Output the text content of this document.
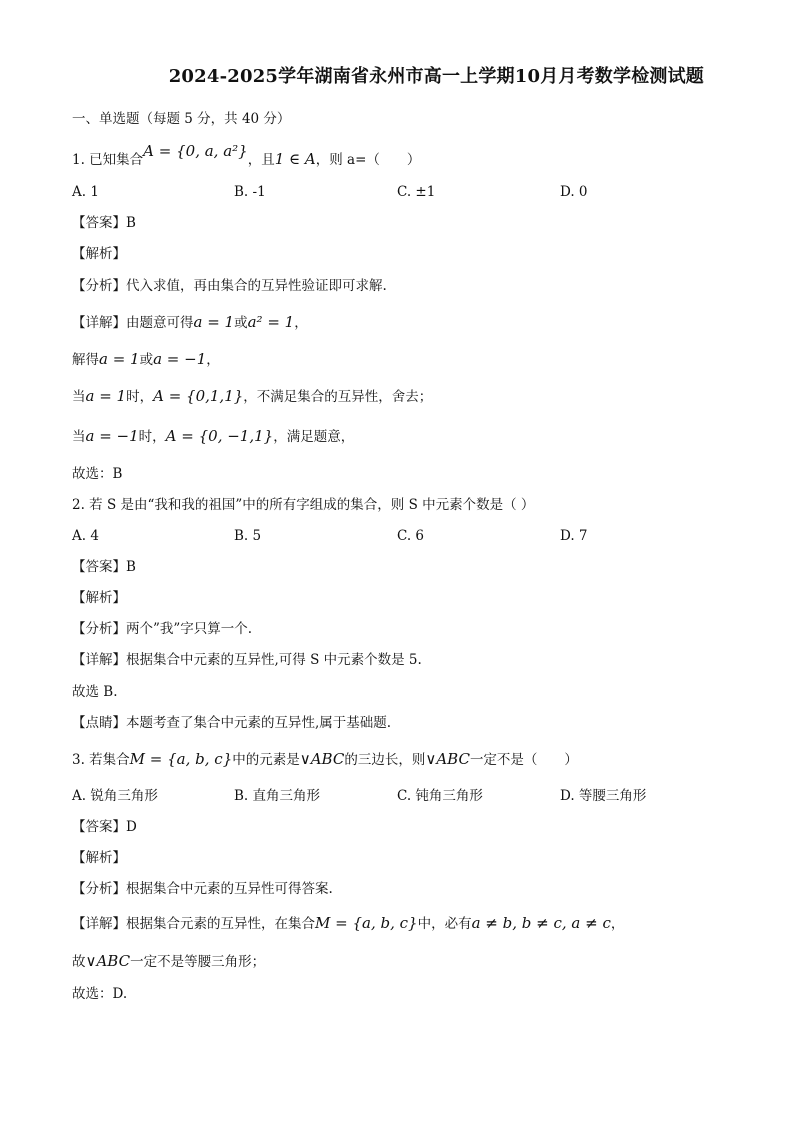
2024-2025学年湖南省永州市高一上学期10月月考数学检测试题
一、单选题（每题 5 分，共 40 分）
1. 已知集合A = {0, a, a²}，且1 ∈ A，则 a=（　　）
A. 1	B. -1	C. ±1	D. 0
【答案】B
【解析】
【分析】代入求值，再由集合的互异性验证即可求解.
【详解】由题意可得a = 1或a² = 1，
解得a = 1或a = −1，
当a = 1时，A = {0,1,1}，不满足集合的互异性，舍去；
当a = −1时，A = {0, −1,1}，满足题意，
故选：B
2. 若 S 是由“我和我的祖国”中的所有字组成的集合，则 S 中元素个数是（ ）
A. 4	B. 5	C. 6	D. 7
【答案】B
【解析】
【分析】两个”我”字只算一个.
【详解】根据集合中元素的互异性,可得 S 中元素个数是 5.
故选 B.
【点睛】本题考查了集合中元素的互异性,属于基础题.
3. 若集合M = {a, b, c}中的元素是∨ABC的三边长，则∨ABC一定不是（　　）
A. 锐角三角形	B. 直角三角形	C. 钝角三角形	D. 等腰三角形
【答案】D
【解析】
【分析】根据集合中元素的互异性可得答案.
【详解】根据集合元素的互异性，在集合M = {a, b, c}中，必有a ≠ b, b ≠ c, a ≠ c，
故∨ABC一定不是等腰三角形；
故选：D.
